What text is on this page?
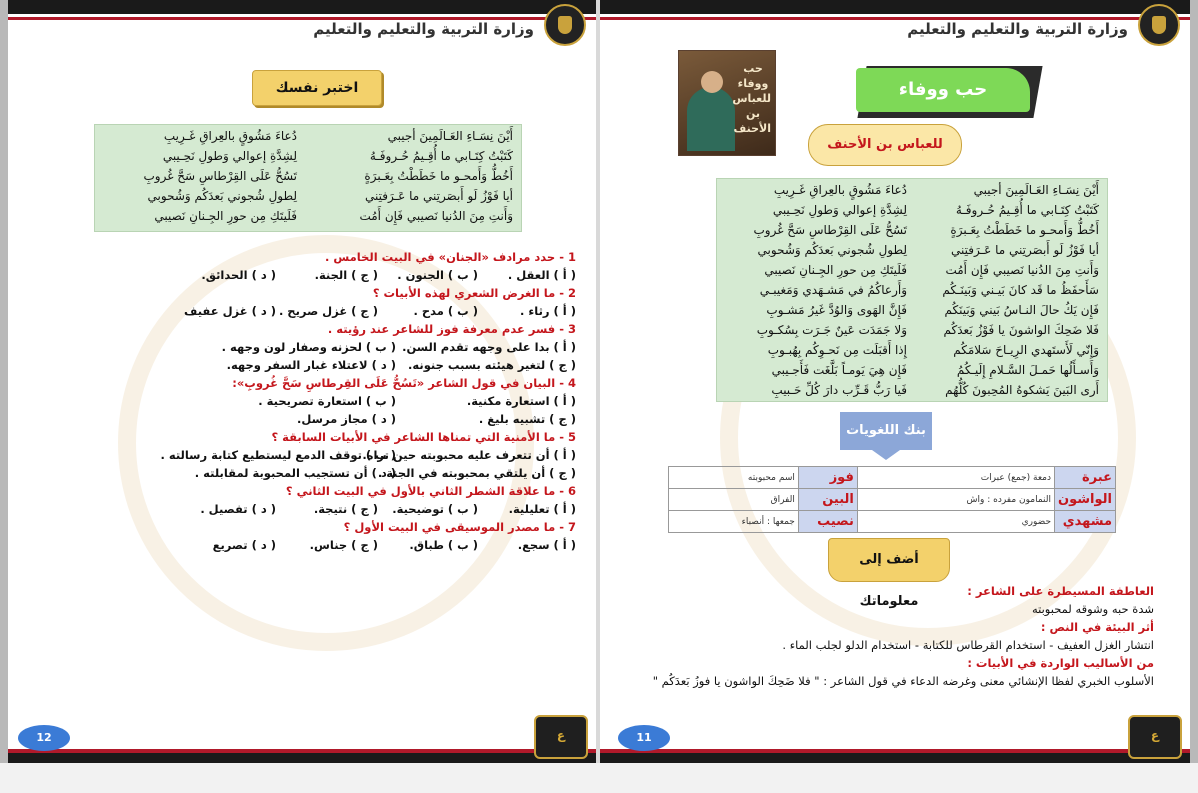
وزارة التربية والتعليم والتعليم
اختبر نفسك
أَيْنَ نِسَـاءِ العَـالَمِينَ أجيبي
دُعاءَ مَشُوقٍ بالعِراقِ غَـرِيبِ
كَتَبْتُ كِتَـابي ما أُقِـيمُ حُـروفَـهُ
لِشِدَّةِ إعوالي وَطولِ نَحِـيبي
أَخُطُّ وَأَمحـو ما خَطَطْتُ بِعَـبرَةٍ
تَسُحُّ عَلَى القِرْطاسِ سَحَّ غُروبِ
أيا فَوْزُ لَو أَبصَرتِني ما عَـرَفتِني
لِطولِ شُجوني بَعدَكُم وَشُحوبي
وَأَنتِ مِنَ الدُنيا نَصيبي فَإِن أَمُت
فَلَيتَكِ مِن حورِ الجِـنانِ نَصيبي
1 - حدد مرادف «الجنان» في البيت الخامس .
( أ ) العقل .
( ب ) الجنون .
( ج ) الجنة.
( د ) الحدائق.
2 - ما الغرض الشعري لهذه الأبيات ؟
( أ ) رثاء .
( ب ) مدح .
( ج ) غزل صريح .
( د ) غزل عفيف
3 - فسر عدم معرفة فوز للشاعر عند رؤيته .
( أ ) بدا على وجهه تقدم السن.
( ب ) لحزنه وصفار لون وجهه .
( ج ) لتغير هيئته بسبب جنونه.
( د ) لاعتلاء غبار السفر وجهه.
4 - البيان في قول الشاعر «تَسُحُّ عَلَى القِرطاسِ سَحَّ غُروبِ»:
( أ ) استعارة مكنية.
( ب ) استعارة تصريحية .
( ج ) تشبيه بليغ .
( د ) مجاز مرسل.
5 - ما الأمنية التي تمناها الشاعر في الأبيات السابقة ؟
( أ ) أن تتعرف عليه محبوبته حين تراه.
( ب ) توقف الدمع ليستطيع كتابة رسالته .
( ج ) أن يلتقي بمحبوبته في الجنة .
( د ) أن تستجيب المحبوبة لمقابلته .
6 - ما علاقة الشطر الثاني بالأول في البيت الثاني ؟
( أ ) تعليلية.
( ب ) توضيحية.
( ج ) نتيجة.
( د ) تفصيل .
7 - ما مصدر الموسيقى في البيت الأول ؟
( أ ) سجع.
( ب ) طباق.
( ج ) جناس.
( د ) تصريع
12	ع
وزارة التربية والتعليم والتعليم
حب ووفاء للعباس بن الأحنف
حب ووفاء
للعباس بن الأحنف
أَيْنَ نِسَـاءِ العَـالَمِينَ أجيبي
دُعاءَ مَشُوقٍ بالعِراقِ غَـرِيبِ
كَتَبْتُ كِتَـابي ما أُقِـيمُ حُـروفَـهُ
لِشِدَّةِ إعوالي وَطولِ نَحِـيبي
أَخُطُّ وَأَمحـو ما خَطَطْتُ بِعَـبرَةٍ
تَسُحُّ عَلَى القِرْطاسِ سَحَّ غُروبِ
أيا فَوْزُ لَو أَبصَرتِني ما عَـرَفتِني
لِطولِ شُجوني بَعدَكُم وَشُحوبي
وَأَنتِ مِنَ الدُنيا نَصيبي فَإِن أَمُت
فَلَيتَكِ مِن حورِ الجِـنانِ نَصيبي
سَأَحفَظُ ما قَد كانَ بَيـني وَبَينَـكُم
وَأَرعاكُمُ في مَشـهَدي وَمَغيبـي
فَإِن يَكُ حالَ النـاسُ بَيني وَبَينَكُم
فَإِنَّ الهَوى وَالوُدَّ غَيرُ مَشـوبِ
فَلا ضَحِكَ الواشونَ يا فَوْزُ بَعدَكُم
وَلا جَمَدَت عَينٌ جَـرَت بِسُكـوبِ
وَإِنّي لَأَستَهدي الرِيـاحَ سَلامَكُم
إِذا أَقبَلَت مِن نَحـوِكُم بِهُبـوبِ
وَأَسـأَلُها حَمـلَ السَّـلامِ إِلَيـكُمُ
فَإِن هِيَ يَومـاً بَلَّغَت فَأَجـيبي
أَرى البَينَ يَشكوهُ المُحِبونَ كُلُّهُم
فَيا رَبُّ قَـرِّب دارَ كُلِّ حَـبيبِ
بنك اللغويات
عبرة	دمعة (جمع) عبرات	فوز	اسم محبوبته
الواشون	النمامون مفرده : واش	البين	الفراق
مشهدي	حضوري	نصيب	جمعها : أنصباء
أضف إلى معلوماتك
العاطفة المسيطرة على الشاعر :
شدة حبه وشوقه لمحبوبته
أثر البيئة في النص :
انتشار الغزل العفيف - استخدام القرطاس للكتابة - استخدام الدلو لجلب الماء .
من الأساليب الواردة في الأبيات :
الأسلوب الخبري لفظا الإنشائي معنى وغرضه الدعاء في قول الشاعر : " فلا ضَحِكَ الواشون يا فوزُ بَعدَكُم "
11	ع
